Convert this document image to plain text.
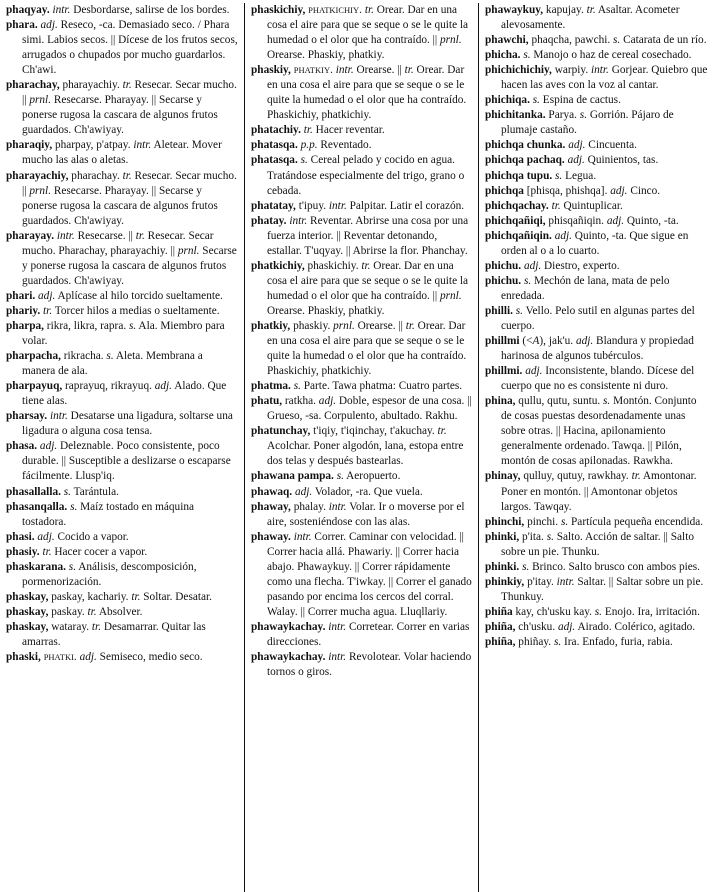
phaqyay. intr. Desbordarse, salirse de los bordes.

phara. adj. Reseco, -ca. Demasiado seco. / Phara simi. Labios secos. || Dícese de los frutos secos, arrugados o chupados por mucho guardarlos. Ch'awi.

pharachay, pharayachiy. tr. Resecar. Secar mucho. || prnl. Resecarse. Pharayay. || Secarse y ponerse rugosa la cascara de algunos frutos guardados. Ch'awiyay.

pharaqiy, pharpay, p'atpay. intr. Aletear. Mover mucho las alas o aletas.

pharayachiy, pharachay. tr. Resecar. Secar mucho. || prnl. Resecarse. Pharayay. || Secarse y ponerse rugosa la cascara de algunos frutos guardados. Ch'awiyay.

pharayay. intr. Resecarse. || tr. Resecar. Secar mucho. Pharachay, pharayachiy. || prnl. Secarse y ponerse rugosa la cascara de algunos frutos guardados. Ch'awiyay.

phari. adj. Aplícase al hilo torcido sueltamente.

phariy. tr. Torcer hilos a medias o sueltamente.

pharpa, rikra, likra, rapra. s. Ala. Miembro para volar.

pharpacha, rikracha. s. Aleta. Membrana a manera de ala.

pharpayuq, raprayuq, rikrayuq. adj. Alado. Que tiene alas.

pharsay. intr. Desatarse una ligadura, soltarse una ligadura o alguna cosa tensa.

phasa. adj. Deleznable. Poco consistente, poco durable. || Susceptible a deslizarse o escaparse fácilmente. Llusp'iq.

phasallalla. s. Tarántula.

phasanqalla. s. Maíz tostado en máquina tostadora.

phasi. adj. Cocido a vapor.

phasiy. tr. Hacer cocer a vapor.

phaskarana. s. Análisis, descomposición, pormenorización.

phaskay, paskay, kachariy. tr. Soltar. Desatar.

phaskay, paskay. tr. Absolver.

phaskay, wataray. tr. Desamarrar. Quitar las amarras.

phaski, PHATKI. adj. Semiseco, medio seco.

phaskichiy, PHATKICHIY. tr. Orear. Dar en una cosa el aire para que se seque o se le quite la humedad o el olor que ha contraído. || prnl. Orearse. Phaskiy, phatkiy.

phaskiy, PHATKIY. intr. Orearse. || tr. Orear. Dar en una cosa el aire para que se seque o se le quite la humedad o el olor que ha contraído. Phaskichiy, phatkichiy.

phatachiy. tr. Hacer reventar.

phatasqa. p.p. Reventado.

phatasqa. s. Cereal pelado y cocido en agua. Tratándose especialmente del trigo, grano o cebada.

phatatay, t'ipuy. intr. Palpitar. Latir el corazón.

phatay. intr. Reventar. Abrirse una cosa por una fuerza interior. || Reventar detonando, estallar. T'uqyay. || Abrirse la flor. Phanchay.

phatkichiy, phaskichiy. tr. Orear. Dar en una cosa el aire para que se seque o se le quite la humedad o el olor que ha contraído. || prnl. Orearse. Phaskiy, phatkiy.

phatkiy, phaskiy. prnl. Orearse. || tr. Orear. Dar en una cosa el aire para que se seque o se le quite la humedad o el olor que ha contraído. Phaskichiy, phatkichiy.

phatma. s. Parte. Tawa phatma: Cuatro partes.

phatu, ratkha. adj. Doble, espesor de una cosa. || Grueso, -sa. Corpulento, abultado. Rakhu.

phatunchay, t'iqiy, t'iqinchay, t'akuchay. tr. Acolchar. Poner algodón, lana, estopa entre dos telas y después bastearlas.

phawana pampa. s. Aeropuerto.

phawaq. adj. Volador, -ra. Que vuela.

phaway, phalay. intr. Volar. Ir o moverse por el aire, sosteniéndose con las alas.

phaway. intr. Correr. Caminar con velocidad. || Correr hacia allá. Phawariy. || Correr hacia abajo. Phawaykuy. || Correr rápidamente como una flecha. T'iwkay. || Correr el ganado pasando por encima los cercos del corral. Walay. || Correr mucha agua. Lluqllariy.

phawaykachay. intr. Corretear. Correr en varias direcciones.

phawaykachay. intr. Revolotear. Volar haciendo tornos o giros.

phawaykuy, kapujay. tr. Asaltar. Acometer alevosamente.

phawchi, phaqcha, pawchi. s. Catarata de un río.

phicha. s. Manojo o haz de cereal cosechado.

phichichichiy, warpiy. intr. Gorjear. Quiebro que hacen las aves con la voz al cantar.

phichiqa. s. Espina de cactus.

phichitanka. Parya. s. Gorrión. Pájaro de plumaje castaño.

phichqa chunka. adj. Cincuenta.

phichqa pachaq. adj. Quinientos, tas.

phichqa tupu. s. Legua.

phichqa [phisqa, phishqa]. adj. Cinco.

phichqachay. tr. Quintuplicar.

phichqañiqi, phisqañiqin. adj. Quinto, -ta.

phichqañiqin. adj. Quinto, -ta. Que sigue en orden al o a lo cuarto.

phichu. adj. Diestro, experto.

phichu. s. Mechón de lana, mata de pelo enredada.

philli. s. Vello. Pelo sutil en algunas partes del cuerpo.

phillmi (<A), jak'u. adj. Blandura y propiedad harinosa de algunos tubérculos.

phillmi. adj. Inconsistente, blando. Dícese del cuerpo que no es consistente ni duro.

phina, qullu, qutu, suntu. s. Montón. Conjunto de cosas puestas desordenadamente unas sobre otras. || Hacina, apilonamiento generalmente ordenado. Tawqa. || Pilón, montón de cosas apilonadas. Rawkha.

phinay, qulluy, qutuy, rawkhay. tr. Amontonar. Poner en montón. || Amontonar objetos largos. Tawqay.

phinchi, pinchi. s. Partícula pequeña encendida.

phinki, p'ita. s. Salto. Acción de saltar. || Salto sobre un pie. Thunku.

phinki. s. Brinco. Salto brusco con ambos pies.

phinkiy, p'itay. intr. Saltar. || Saltar sobre un pie. Thunkuy.

phiña kay, ch'usku kay. s. Enojo. Ira, irritación.

phiña, ch'usku. adj. Airado. Colérico, agitado.

phiña, phiñay. s. Ira. Enfado, furia, rabia.
